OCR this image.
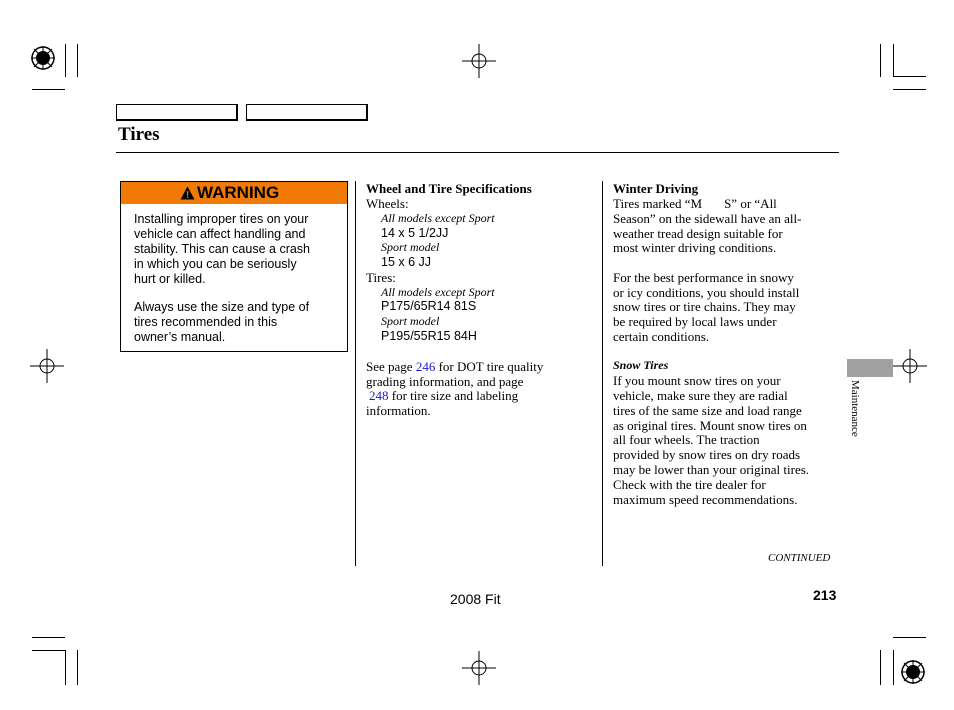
Tires
! WARNING
Installing improper tires on your
vehicle can affect handling and
stability. This can cause a crash
in which you can be seriously
hurt or killed.
Always use the size and type of
tires recommended in this
owner’s manual.
Wheel and Tire Specifications
Wheels:
All models except Sport
14 x 5 1/2JJ
Sport model
15 x 6 JJ
Tires:
All models except Sport
P175/65R14 81S
Sport model
P195/55R15 84H
See page 246 for DOT tire quality
grading information, and page
248 for tire size and labeling
information.
Winter Driving
Tires marked “M S” or “All
Season” on the sidewall have an all-
weather tread design suitable for
most winter driving conditions.
For the best performance in snowy
or icy conditions, you should install
snow tires or tire chains. They may
be required by local laws under
certain conditions.
Snow Tires
If you mount snow tires on your
vehicle, make sure they are radial
tires of the same size and load range
as original tires. Mount snow tires on
all four wheels. The traction
provided by snow tires on dry roads
may be lower than your original tires.
Check with the tire dealer for
maximum speed recommendations.
CONTINUED
Maintenance
2008 Fit	213
